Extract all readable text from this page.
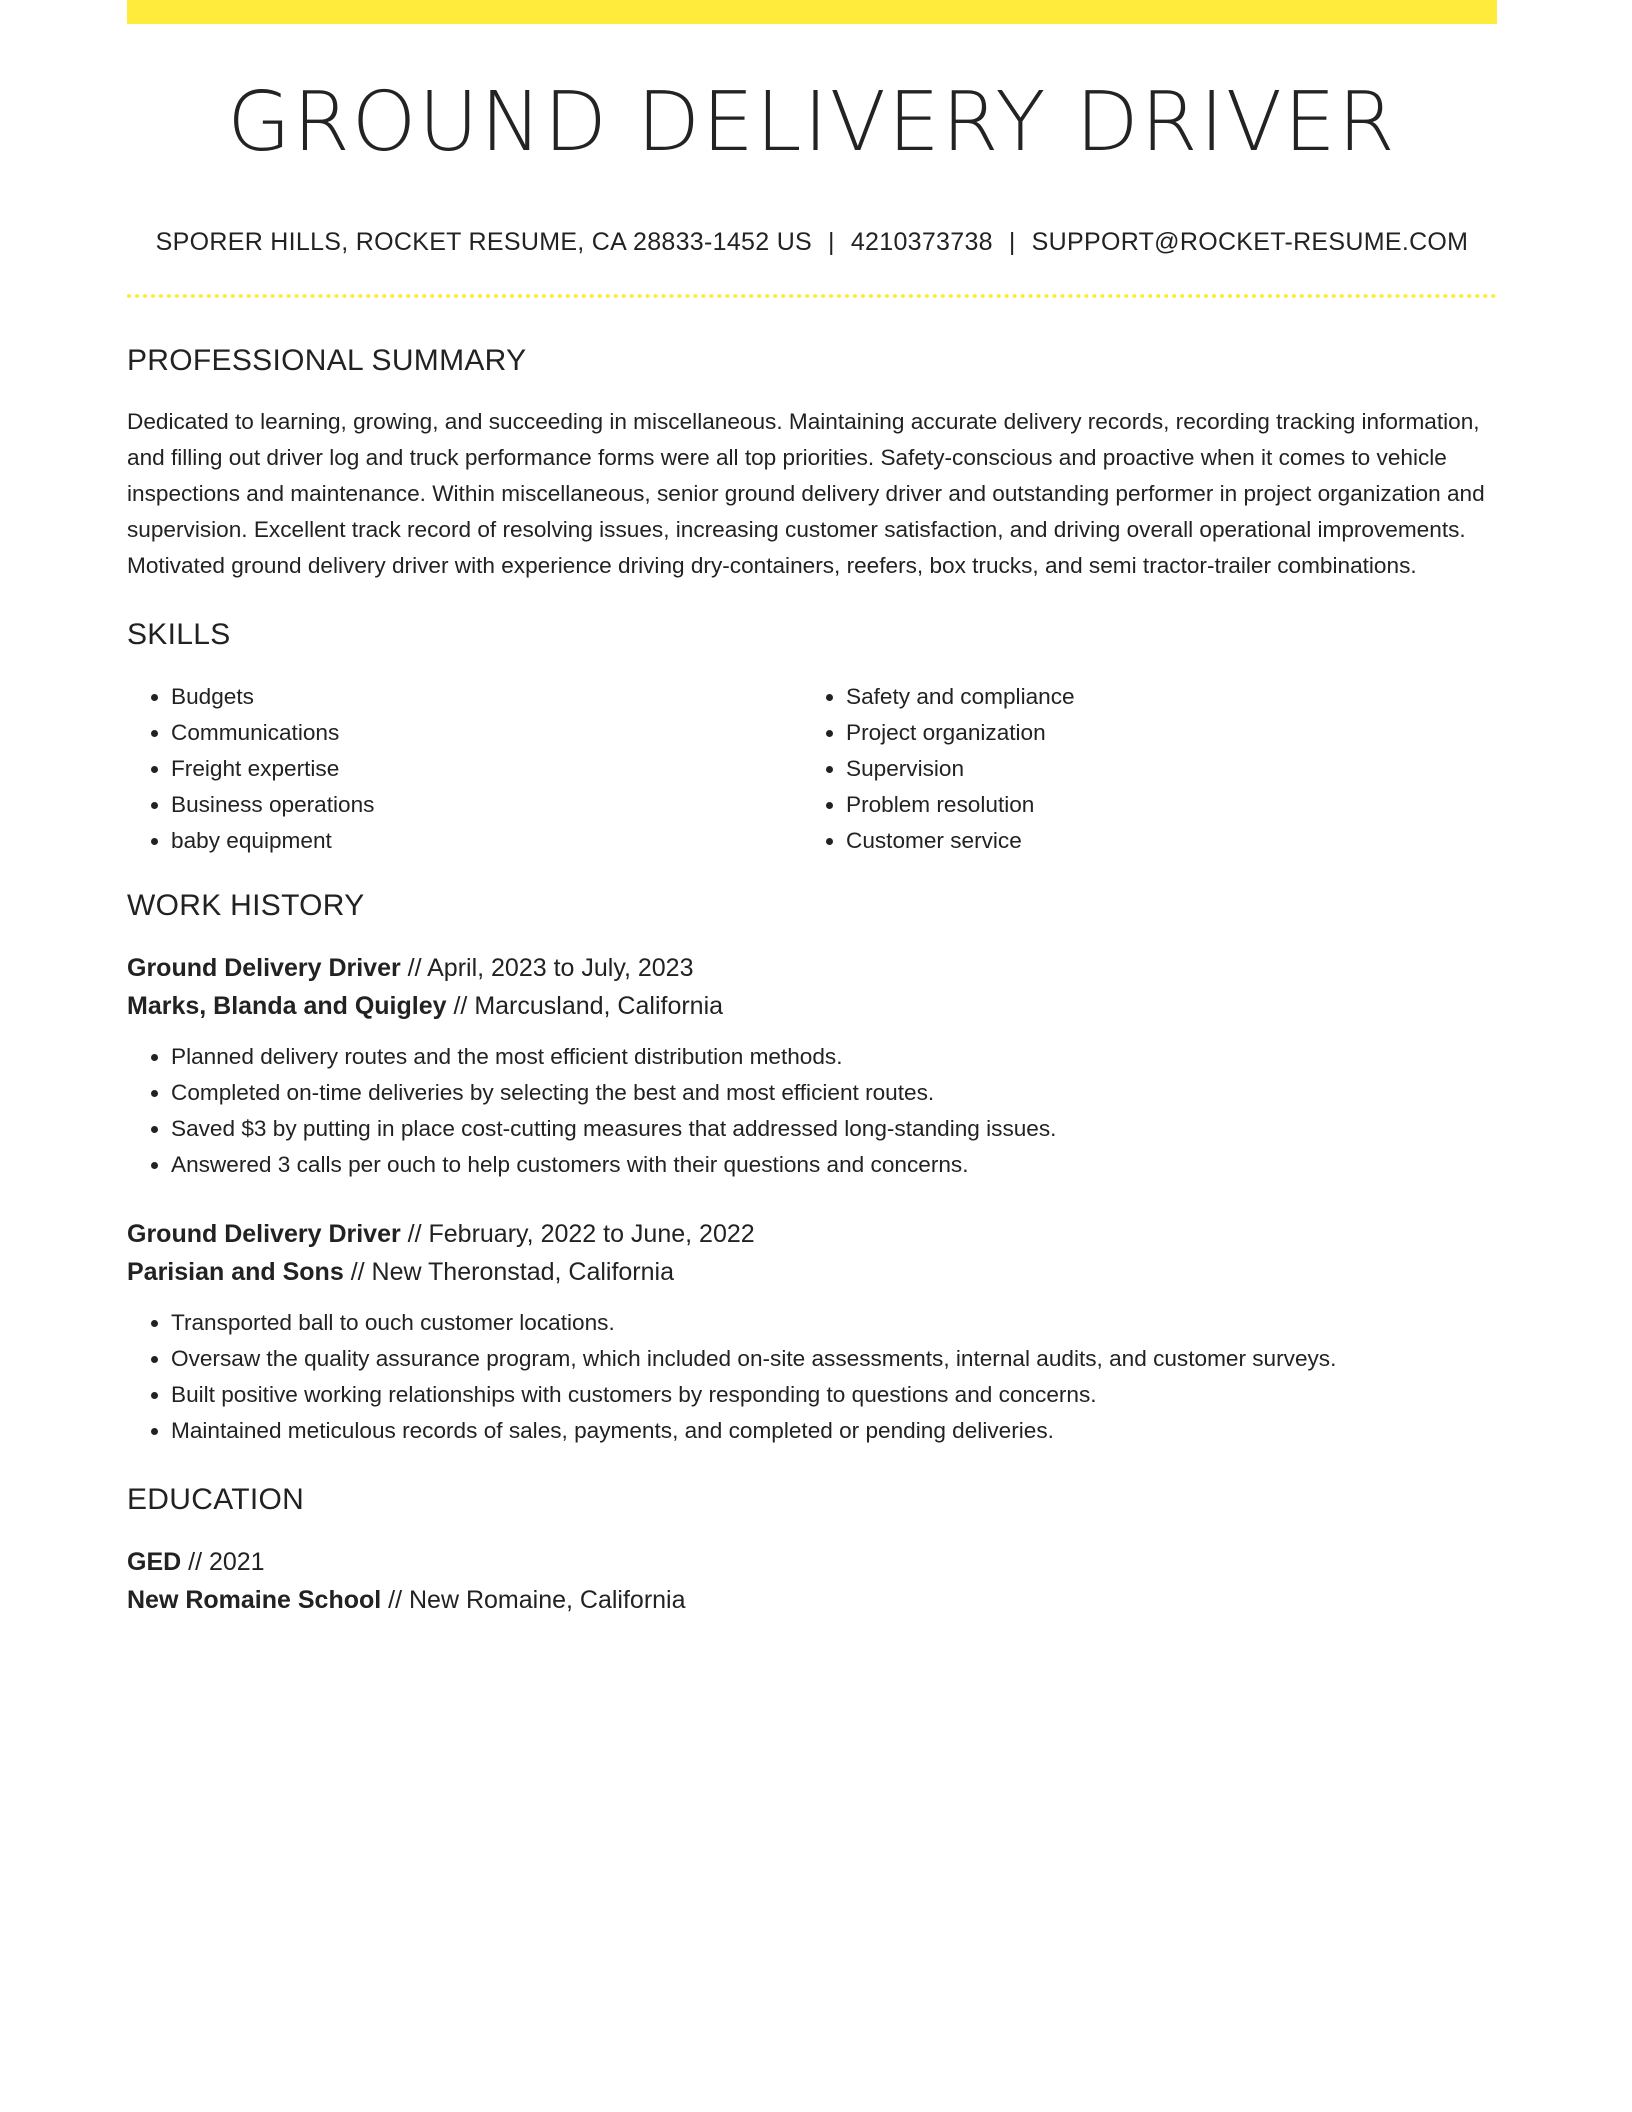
GROUND DELIVERY DRIVER
SPORER HILLS, ROCKET RESUME, CA 28833-1452 US | 4210373738 | SUPPORT@ROCKET-RESUME.COM
PROFESSIONAL SUMMARY

Dedicated to learning, growing, and succeeding in miscellaneous. Maintaining accurate delivery records, recording tracking information, and filling out driver log and truck performance forms were all top priorities. Safety-conscious and proactive when it comes to vehicle inspections and maintenance. Within miscellaneous, senior ground delivery driver and outstanding performer in project organization and supervision. Excellent track record of resolving issues, increasing customer satisfaction, and driving overall operational improvements. Motivated ground delivery driver with experience driving dry-containers, reefers, box trucks, and semi tractor-trailer combinations.

SKILLS
• Budgets
• Communications
• Freight expertise
• Business operations
• baby equipment
• Safety and compliance
• Project organization
• Supervision
• Problem resolution
• Customer service
WORK HISTORY
Ground Delivery Driver // April, 2023 to July, 2023
Marks, Blanda and Quigley // Marcusland, California
• Planned delivery routes and the most efficient distribution methods.
• Completed on-time deliveries by selecting the best and most efficient routes.
• Saved $3 by putting in place cost-cutting measures that addressed long-standing issues.
• Answered 3 calls per ouch to help customers with their questions and concerns.
Ground Delivery Driver // February, 2022 to June, 2022
Parisian and Sons // New Theronstad, California
• Transported ball to ouch customer locations.
• Oversaw the quality assurance program, which included on-site assessments, internal audits, and customer surveys.
• Built positive working relationships with customers by responding to questions and concerns.
• Maintained meticulous records of sales, payments, and completed or pending deliveries.
EDUCATION
GED // 2021
New Romaine School // New Romaine, California
